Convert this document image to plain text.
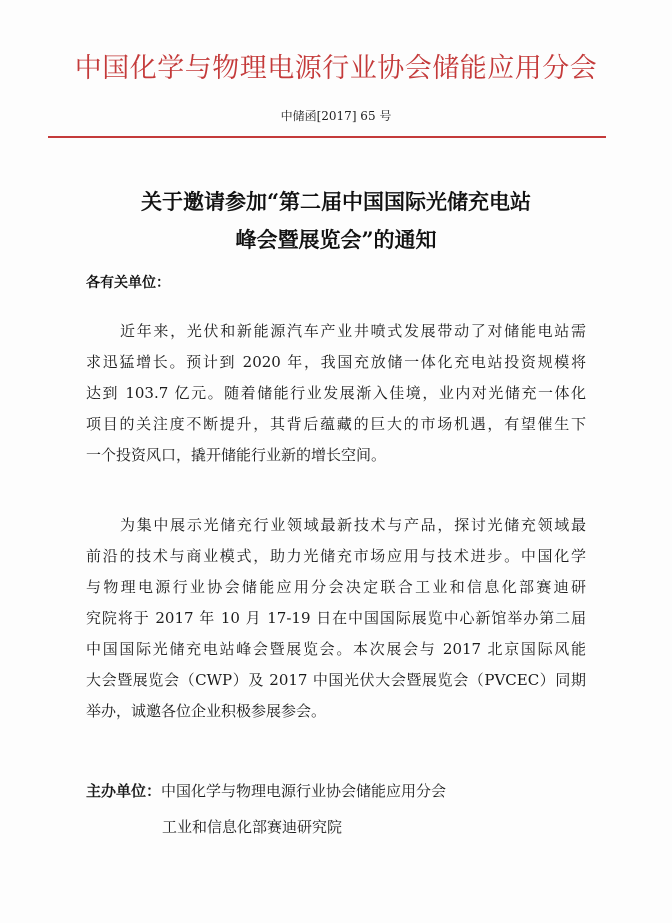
中国化学与物理电源行业协会储能应用分会
中储函[2017] 65 号
关于邀请参加“第二届中国国际光储充电站
峰会暨展览会”的通知
各有关单位：
近年来，光伏和新能源汽车产业井喷式发展带动了对储能电站需
求迅猛增长。预计到 2020 年，我国充放储一体化充电站投资规模将
达到 103.7 亿元。随着储能行业发展渐入佳境，业内对光储充一体化
项目的关注度不断提升，其背后蕴藏的巨大的市场机遇，有望催生下
一个投资风口，撬开储能行业新的增长空间。
为集中展示光储充行业领域最新技术与产品，探讨光储充领域最
前沿的技术与商业模式，助力光储充市场应用与技术进步。中国化学
与物理电源行业协会储能应用分会决定联合工业和信息化部赛迪研
究院将于 2017 年 10 月 17-19 日在中国国际展览中心新馆举办第二届
中国国际光储充电站峰会暨展览会。本次展会与 2017 北京国际风能
大会暨展览会（CWP）及 2017 中国光伏大会暨展览会（PVCEC）同期
举办，诚邀各位企业积极参展参会。
主办单位：中国化学与物理电源行业协会储能应用分会
工业和信息化部赛迪研究院
